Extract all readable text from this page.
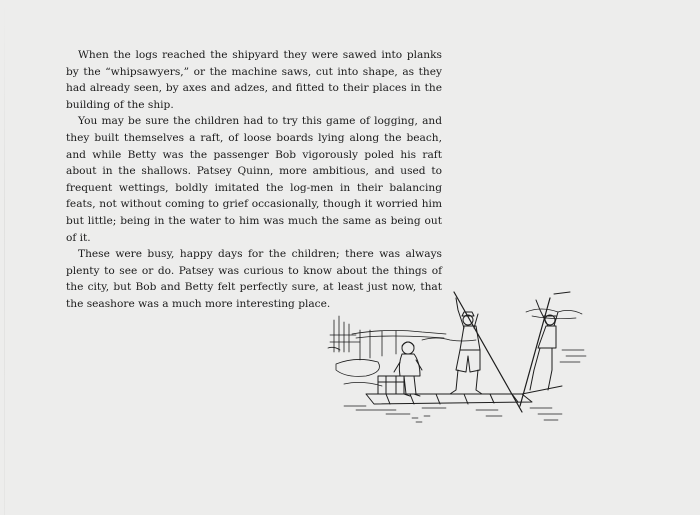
When the logs reached the shipyard they were sawed into planks by the “whipsawyers,” or the machine saws, cut into shape, as they had already seen, by axes and adzes, and fitted to their places in the building of the ship.

You may be sure the children had to try this game of logging, and they built themselves a raft, of loose boards lying along the beach, and while Betty was the passenger Bob vigorously poled his raft about in the shallows. Patsey Quinn, more ambitious, and used to frequent wettings, boldly imitated the log-men in their balancing feats, not without coming to grief occasionally, though it worried him but little; being in the water to him was much the same as being out of it.

These were busy, happy days for the children; there was always plenty to see or do. Patsey was curious to know about the things of the city, but Bob and Betty felt perfectly sure, at least just now, that the seashore was a much more interesting place.
